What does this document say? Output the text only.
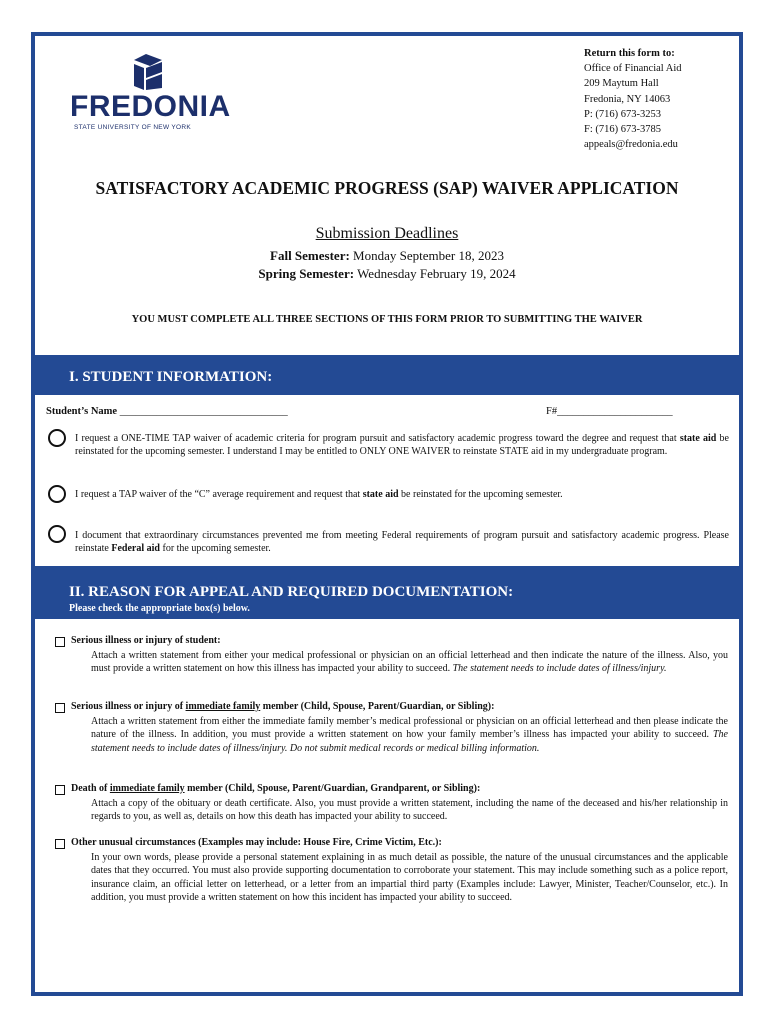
FREDONIA
STATE UNIVERSITY OF NEW YORK
Return this form to:
Office of Financial Aid
209 Maytum Hall
Fredonia, NY 14063
P: (716) 673-3253
F: (716) 673-3785
appeals@fredonia.edu
SATISFACTORY ACADEMIC PROGRESS (SAP) WAIVER APPLICATION
Submission Deadlines
Fall Semester: Monday September 18, 2023
Spring Semester: Wednesday February 19, 2024
YOU MUST COMPLETE ALL THREE SECTIONS OF THIS FORM PRIOR TO SUBMITTING THE WAIVER
I. STUDENT INFORMATION:
Student’s Name ________________________________	F#______________________
I request a ONE-TIME TAP waiver of academic criteria for program pursuit and satisfactory academic progress toward the degree and request that state aid be reinstated for the upcoming semester. I understand I may be entitled to ONLY ONE WAIVER to reinstate STATE aid in my undergraduate program.
I request a TAP waiver of the “C” average requirement and request that state aid be reinstated for the upcoming semester.
I document that extraordinary circumstances prevented me from meeting Federal requirements of program pursuit and satisfactory academic progress. Please reinstate Federal aid for the upcoming semester.
II. REASON FOR APPEAL AND REQUIRED DOCUMENTATION:
Please check the appropriate box(s) below.
Serious illness or injury of student:
Attach a written statement from either your medical professional or physician on an official letterhead and then indicate the nature of the illness. Also, you must provide a written statement on how this illness has impacted your ability to succeed. The statement needs to include dates of illness/injury.
Serious illness or injury of immediate family member (Child, Spouse, Parent/Guardian, or Sibling):
Attach a written statement from either the immediate family member’s medical professional or physician on an official letterhead and then please indicate the nature of the illness. In addition, you must provide a written statement on how your family member’s illness has impacted your ability to succeed. The statement needs to include dates of illness/injury. Do not submit medical records or medical billing information.
Death of immediate family member (Child, Spouse, Parent/Guardian, Grandparent, or Sibling):
Attach a copy of the obituary or death certificate. Also, you must provide a written statement, including the name of the deceased and his/her relationship in regards to you, as well as, details on how this death has impacted your ability to succeed.
Other unusual circumstances (Examples may include: House Fire, Crime Victim, Etc.):
In your own words, please provide a personal statement explaining in as much detail as possible, the nature of the unusual circumstances and the applicable dates that they occurred. You must also provide supporting documentation to corroborate your statement. This may include something such as a police report, insurance claim, an official letter on letterhead, or a letter from an impartial third party (Examples include: Lawyer, Minister, Teacher/Counselor, etc.). In addition, you must provide a written statement on how this incident has impacted your ability to succeed.
